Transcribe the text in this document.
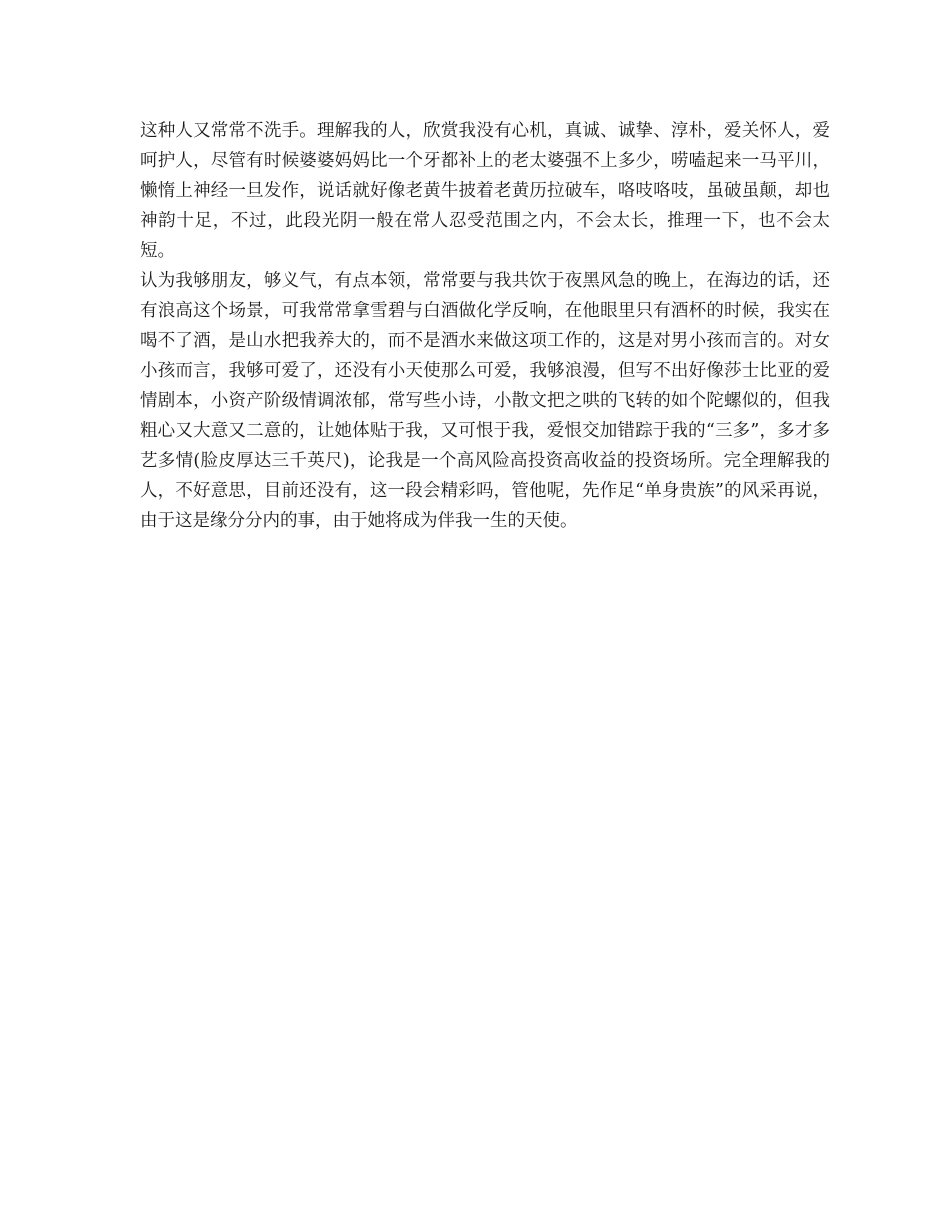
这种人又常常不洗手。理解我的人，欣赏我没有心机，真诚、诚挚、淳朴，爱关怀人，爱呵护人，尽管有时候婆婆妈妈比一个牙都补上的老太婆强不上多少，唠嗑起来一马平川，懒惰上神经一旦发作，说话就好像老黄牛披着老黄历拉破车，咯吱咯吱，虽破虽颠，却也神韵十足，不过，此段光阴一般在常人忍受范围之内，不会太长，推理一下，也不会太短。

认为我够朋友，够义气，有点本领，常常要与我共饮于夜黑风急的晚上，在海边的话，还有浪高这个场景，可我常常拿雪碧与白酒做化学反响，在他眼里只有酒杯的时候，我实在喝不了酒，是山水把我养大的，而不是酒水来做这项工作的，这是对男小孩而言的。对女小孩而言，我够可爱了，还没有小天使那么可爱，我够浪漫，但写不出好像莎士比亚的爱情剧本，小资产阶级情调浓郁，常写些小诗，小散文把之哄的飞转的如个陀螺似的，但我粗心又大意又二意的，让她体贴于我，又可恨于我，爱恨交加错踪于我的“三多”，多才多艺多情(脸皮厚达三千英尺)，论我是一个高风险高投资高收益的投资场所。完全理解我的人，不好意思，目前还没有，这一段会精彩吗，管他呢，先作足“单身贵族”的风采再说，由于这是缘分分内的事，由于她将成为伴我一生的天使。
